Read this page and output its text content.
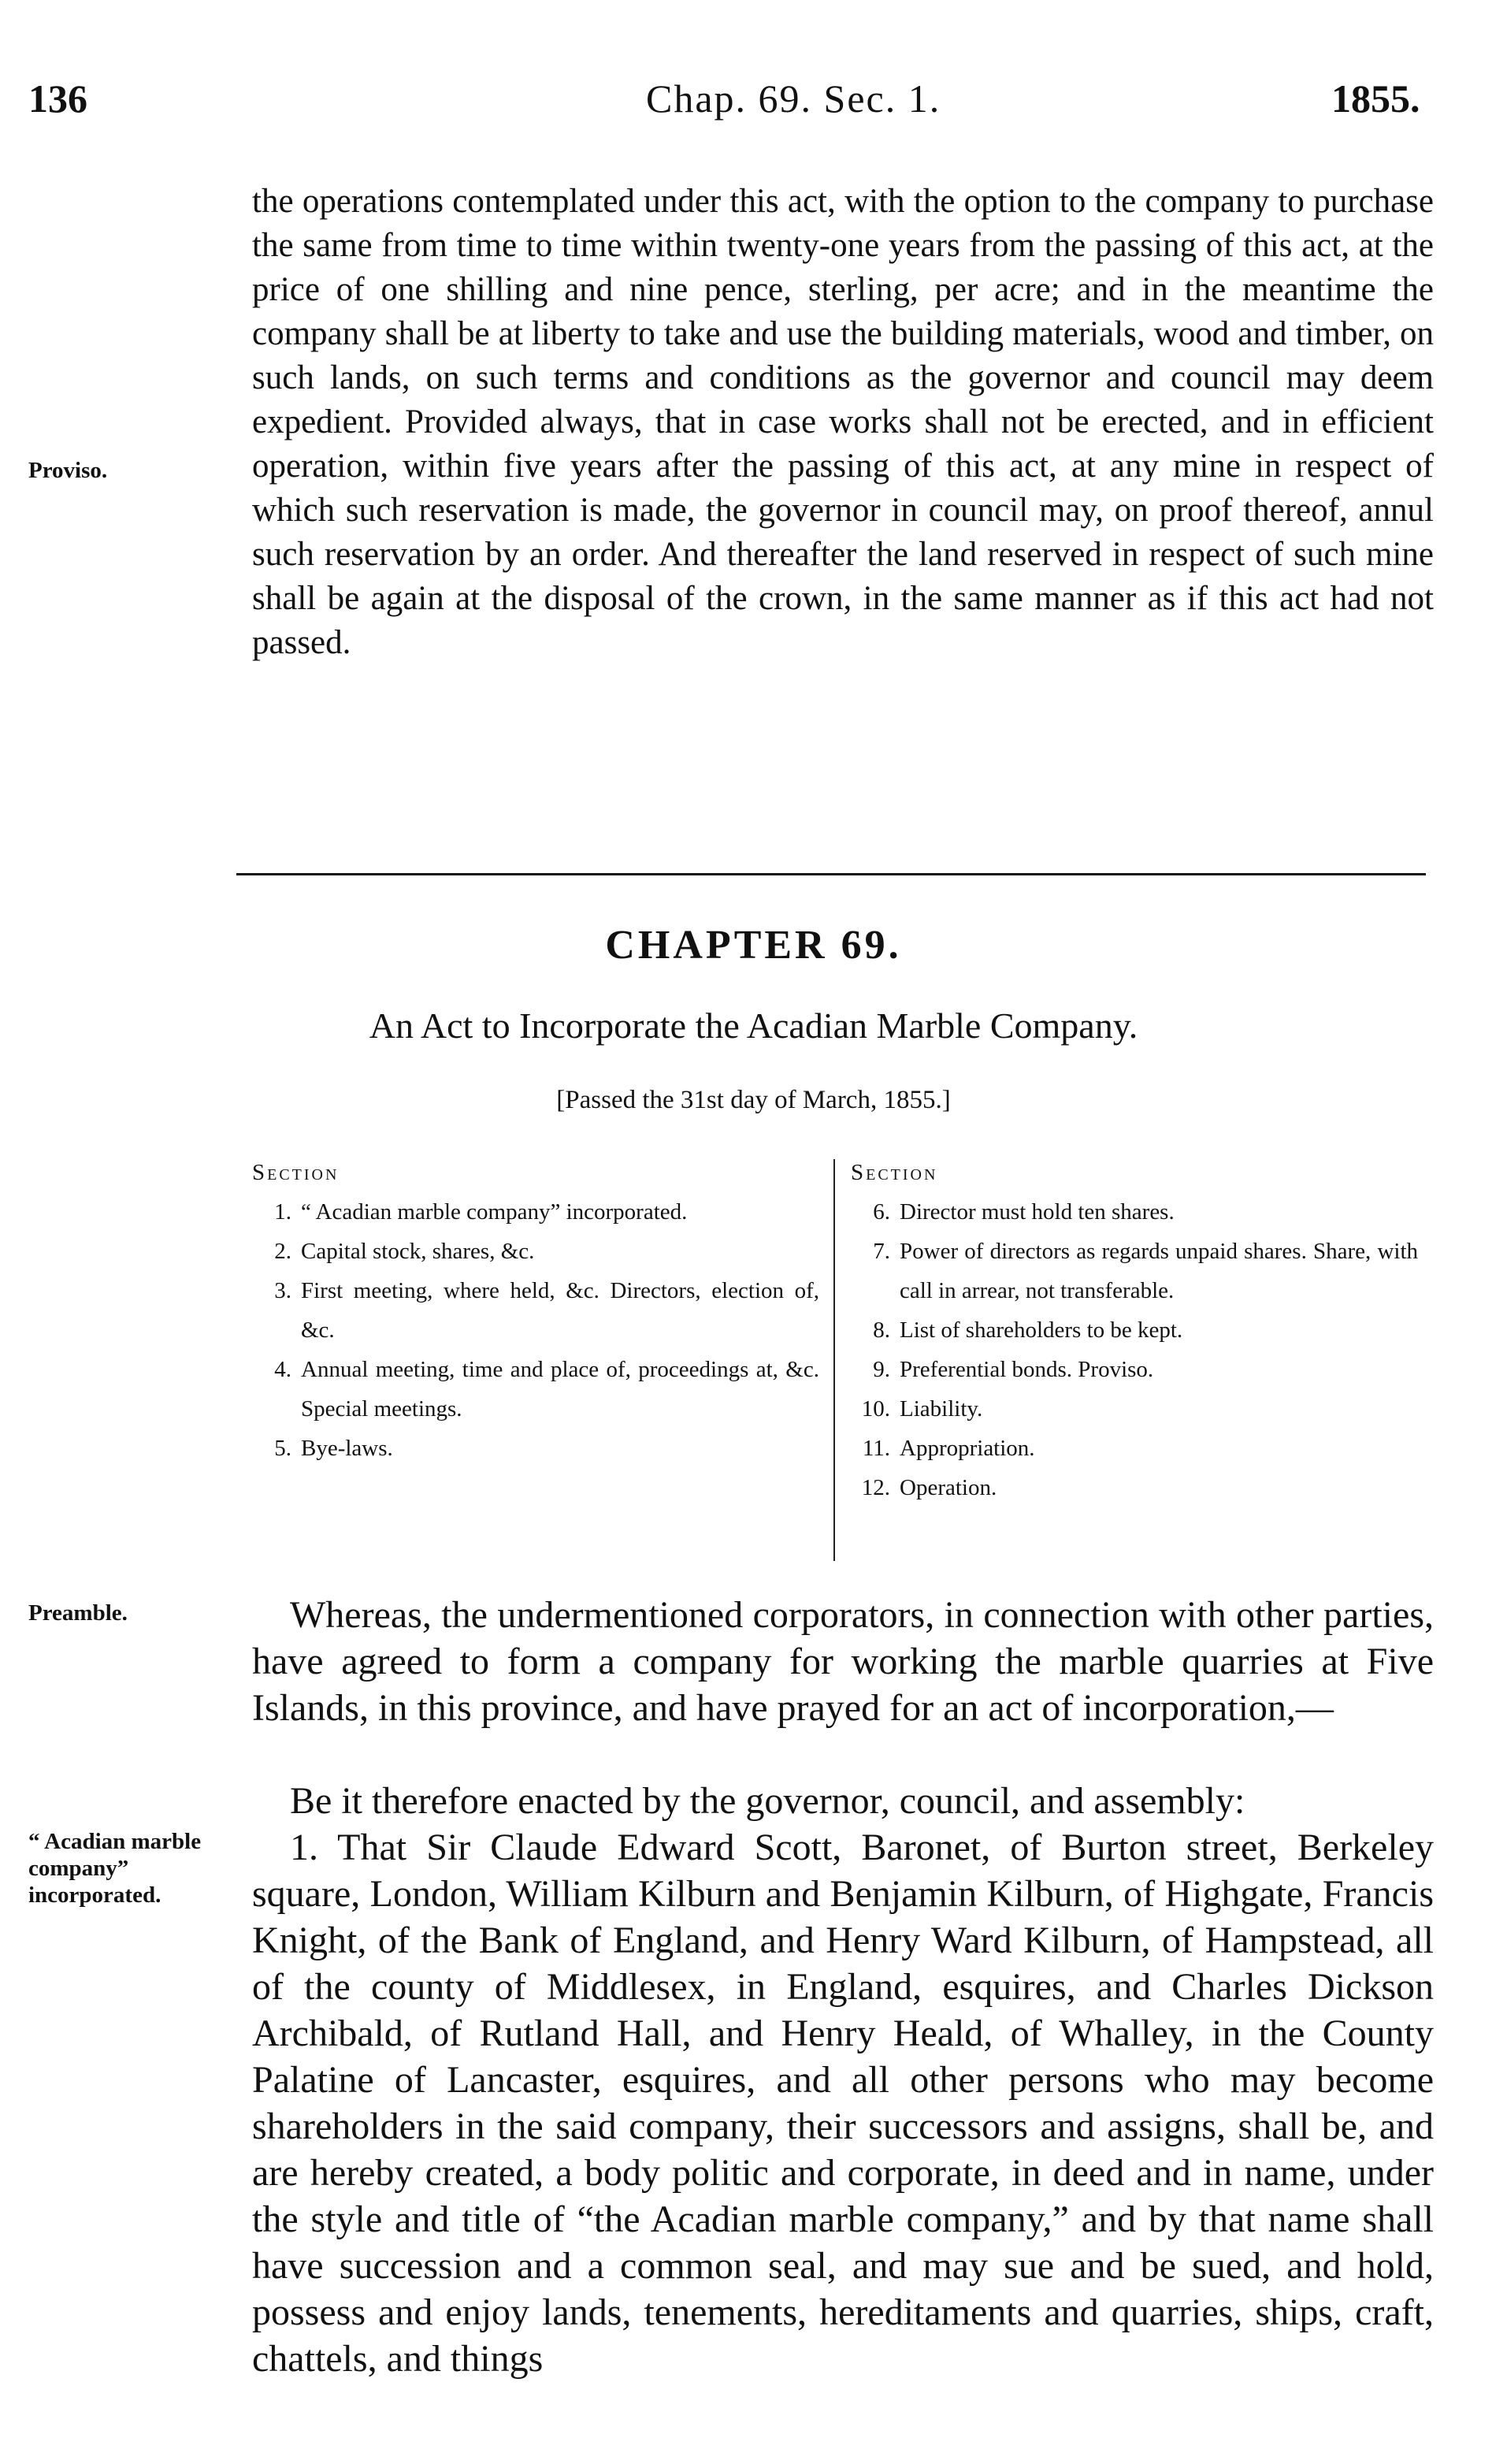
136	Chap. 69. Sec. 1.	1855.
the operations contemplated under this act, with the option to the company to purchase the same from time to time within twenty-one years from the passing of this act, at the price of one shilling and nine pence, sterling, per acre; and in the meantime the company shall be at liberty to take and use the building materials, wood and timber, on such lands, on such terms and conditions as the governor and council may deem expedient. Provided always, that in case works shall not be erected, and in efficient operation, within five years after the passing of this act, at any mine in respect of which such reservation is made, the governor in council may, on proof thereof, annul such reservation by an order. And thereafter the land reserved in respect of such mine shall be again at the disposal of the crown, in the same manner as if this act had not passed.
Proviso.
CHAPTER 69.
An Act to Incorporate the Acadian Marble Company.
[Passed the 31st day of March, 1855.]
Section
1. “ Acadian marble company” incorporated.
2. Capital stock, shares, &c.
3. First meeting, where held, &c. Directors, election of, &c.
4. Annual meeting, time and place of, proceedings at, &c. Special meetings.
5. Bye-laws.
Section
6. Director must hold ten shares.
7. Power of directors as regards unpaid shares. Share, with call in arrear, not transferable.
8. List of shareholders to be kept.
9. Preferential bonds. Proviso.
10. Liability.
11. Appropriation.
12. Operation.
Preamble.	Whereas, the undermentioned corporators, in connection with other parties, have agreed to form a company for working the marble quarries at Five Islands, in this province, and have prayed for an act of incorporation,—
Be it therefore enacted by the governor, council, and assembly:
“ Acadian marble company” incorporated.
1. That Sir Claude Edward Scott, Baronet, of Burton street, Berkeley square, London, William Kilburn and Benjamin Kilburn, of Highgate, Francis Knight, of the Bank of England, and Henry Ward Kilburn, of Hampstead, all of the county of Middlesex, in England, esquires, and Charles Dickson Archibald, of Rutland Hall, and Henry Heald, of Whalley, in the County Palatine of Lancaster, esquires, and all other persons who may become shareholders in the said company, their successors and assigns, shall be, and are hereby created, a body politic and corporate, in deed and in name, under the style and title of “the Acadian marble company,” and by that name shall have succession and a common seal, and may sue and be sued, and hold, possess and enjoy lands, tenements, hereditaments and quarries, ships, craft, chattels, and things
